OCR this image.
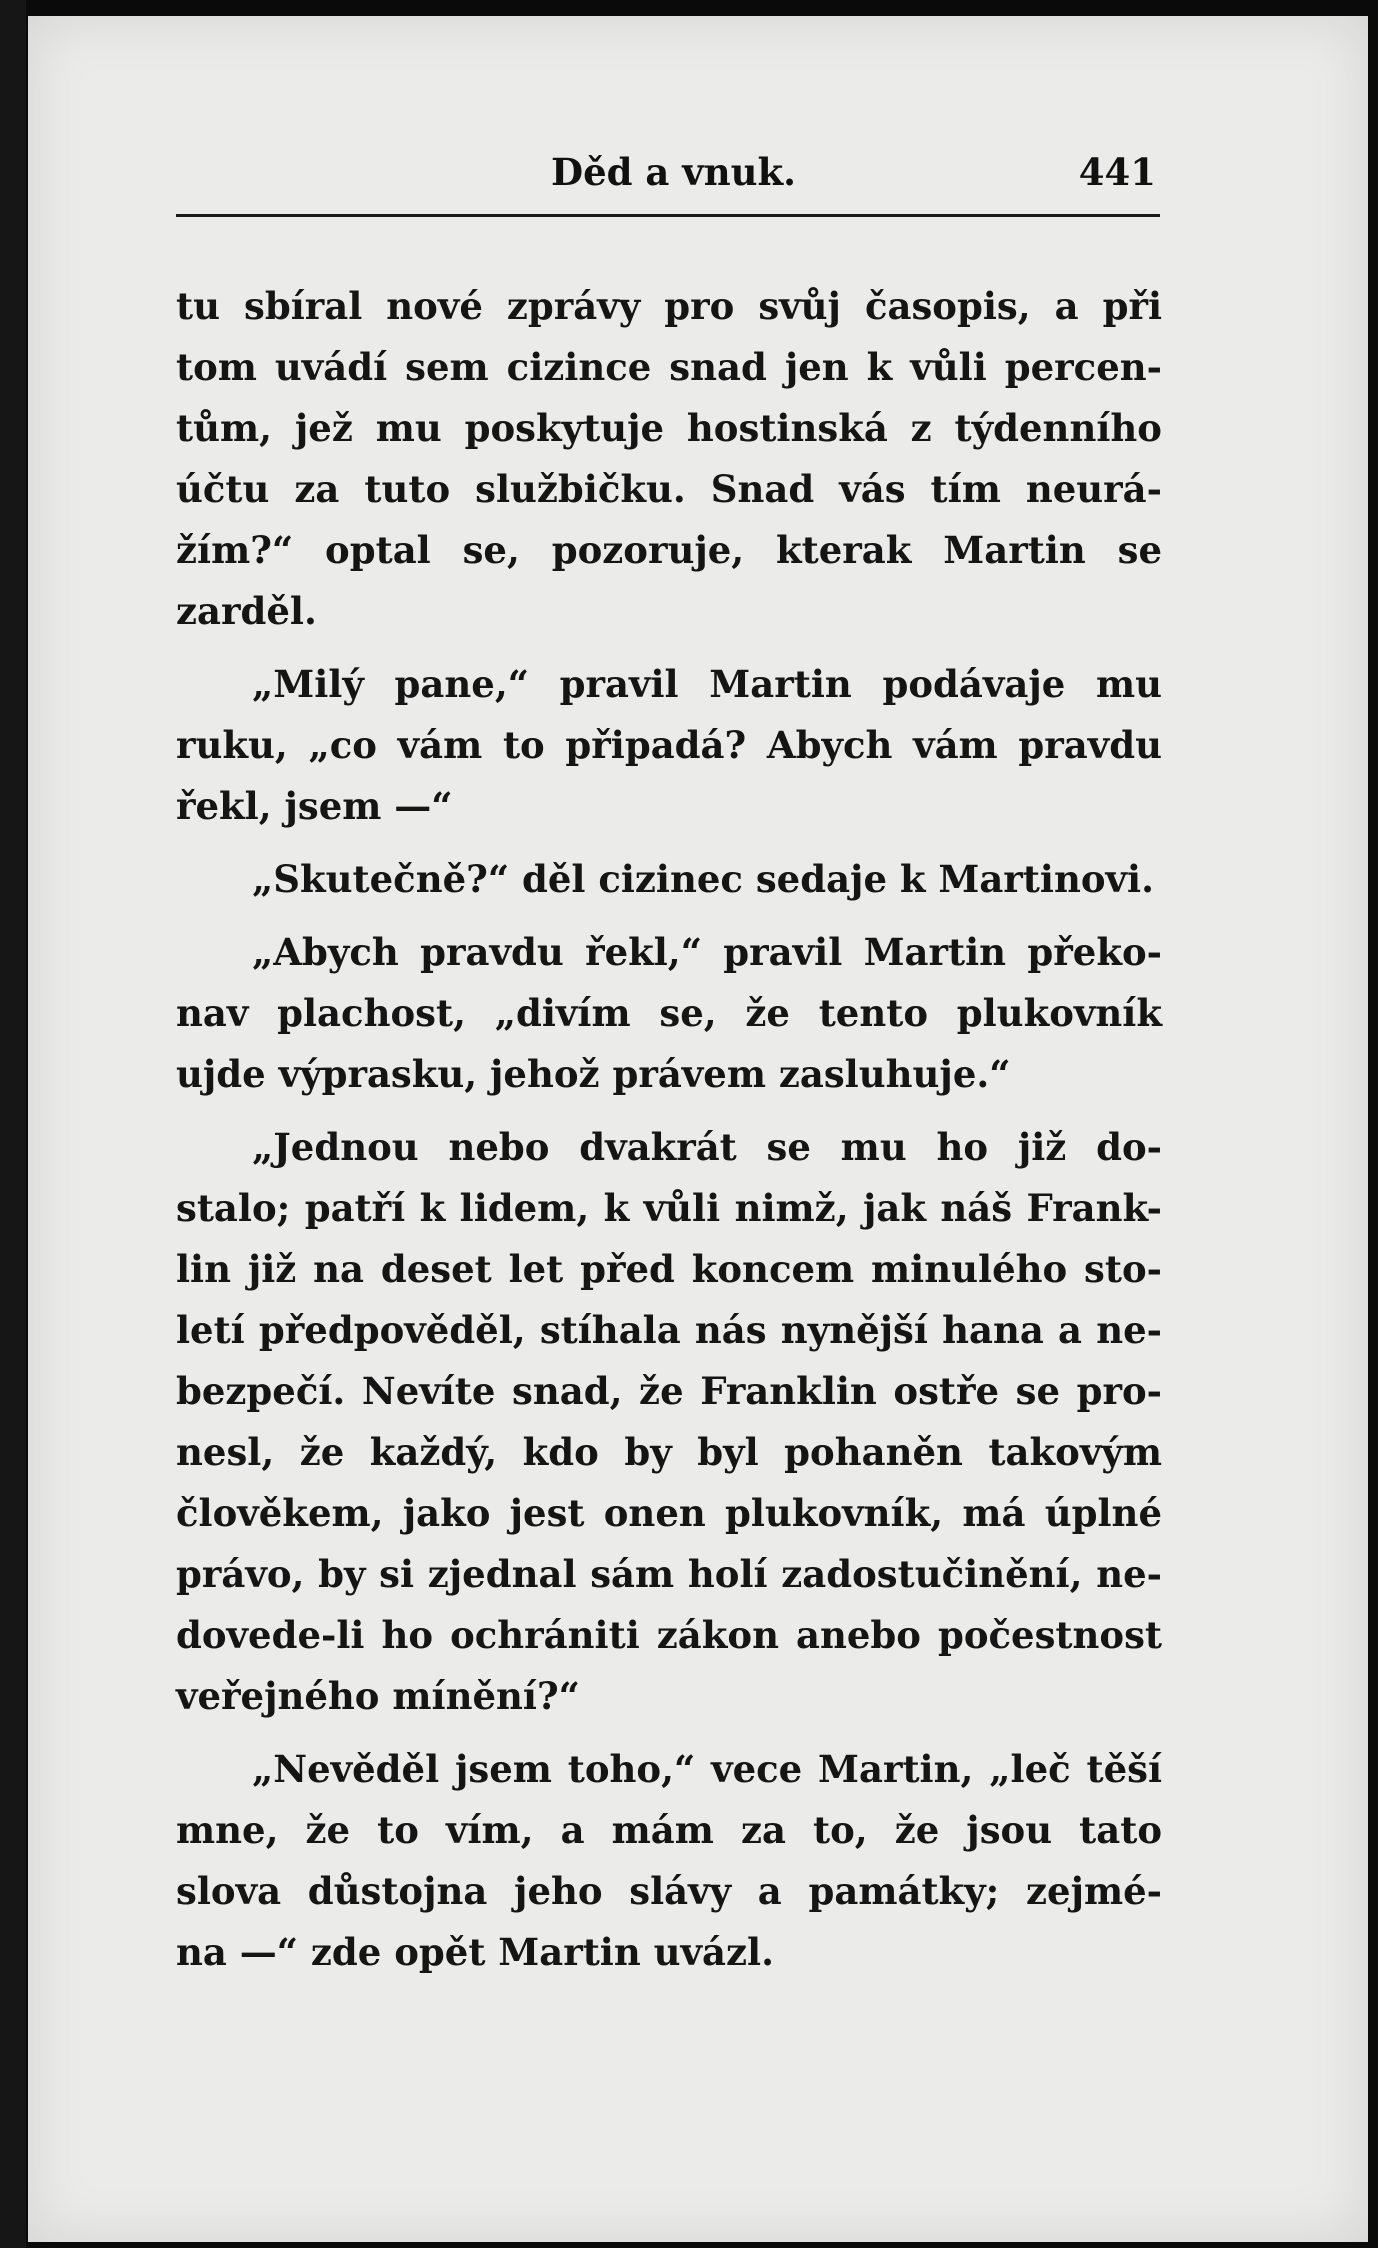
Děd a vnuk.	441
tu sbíral nové zprávy pro svůj časopis, a při
tom uvádí sem cizince snad jen k vůli percen-
tům, jež mu poskytuje hostinská z týdenního
účtu za tuto službičku. Snad vás tím neurá-
žím?“ optal se, pozoruje, kterak Martin se
zarděl.
„Milý pane,“ pravil Martin podávaje mu
ruku, „co vám to připadá? Abych vám pravdu
řekl, jsem —“
„Skutečně?“ děl cizinec sedaje k Martinovi.
„Abych pravdu řekl,“ pravil Martin překo-
nav plachost, „divím se, že tento plukovník
ujde výprasku, jehož právem zasluhuje.“
„Jednou nebo dvakrát se mu ho již do-
stalo; patří k lidem, k vůli nimž, jak náš Frank-
lin již na deset let před koncem minulého sto-
letí předpověděl, stíhala nás nynější hana a ne-
bezpečí. Nevíte snad, že Franklin ostře se pro-
nesl, že každý, kdo by byl pohaněn takovým
člověkem, jako jest onen plukovník, má úplné
právo, by si zjednal sám holí zadostučinění, ne-
dovede-li ho ochrániti zákon anebo počestnost
veřejného mínění?“
„Nevěděl jsem toho,“ vece Martin, „leč těší
mne, že to vím, a mám za to, že jsou tato
slova důstojna jeho slávy a památky; zejmé-
na —“ zde opět Martin uvázl.
